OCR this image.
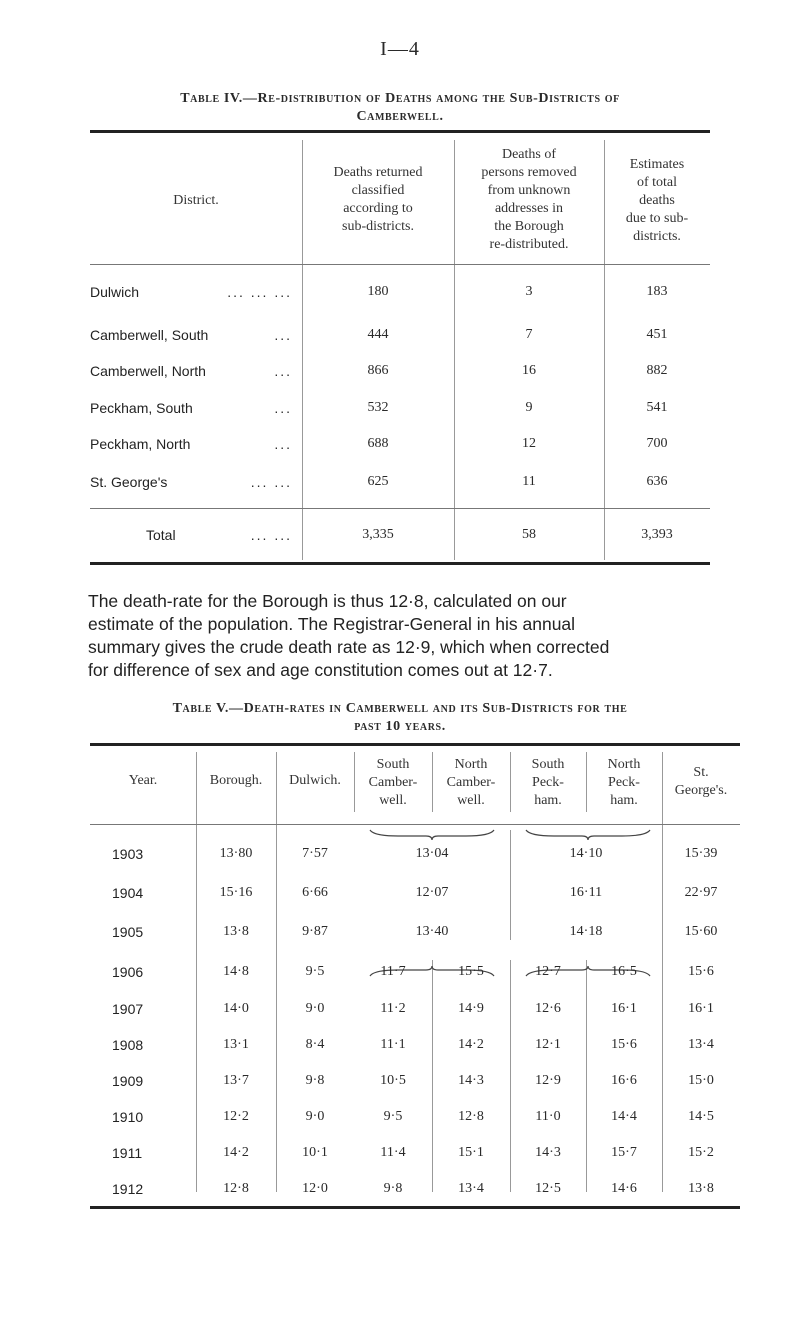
I—4
Table IV.—Re-distribution of Deaths among the Sub-Districts of
Camberwell.
District.
Deaths returned
classified
according to
sub-districts.
Deaths of
persons removed
from unknown
addresses in
the Borough
re-distributed.
Estimates
of total
deaths
due to sub-
districts.
Dulwich	... ... ...	180	3	183
Camberwell, South	...	444	7	451
Camberwell, North	...	866	16	882
Peckham, South	...	532	9	541
Peckham, North	...	688	12	700
St. George's	... ...	625	11	636
Total	... ...	3,335	58	3,393
The death-rate for the Borough is thus 12·8, calculated on our
estimate of the population. The Registrar-General in his annual
summary gives the crude death rate as 12·9, which when corrected
for difference of sex and age constitution comes out at 12·7.
Table V.—Death-rates in Camberwell and its Sub-Districts for the
past 10 years.
Year.	Borough.	Dulwich.
South
Camber-
well.
North
Camber-
well.
South
Peck-
ham.
North
Peck-
ham.
St.
George's.
1903	13·80	7·57	13·04	14·10	15·39
1904	15·16	6·66	12·07	16·11	22·97
1905	13·8	9·87	13·40	14·18	15·60
1906	14·8	9·5	11·7	15·5	12·7	16·5	15·6
1907	14·0	9·0	11·2	14·9	12·6	16·1	16·1
1908	13·1	8·4	11·1	14·2	12·1	15·6	13·4
1909	13·7	9·8	10·5	14·3	12·9	16·6	15·0
1910	12·2	9·0	9·5	12·8	11·0	14·4	14·5
1911	14·2	10·1	11·4	15·1	14·3	15·7	15·2
1912	12·8	12·0	9·8	13·4	12·5	14·6	13·8
